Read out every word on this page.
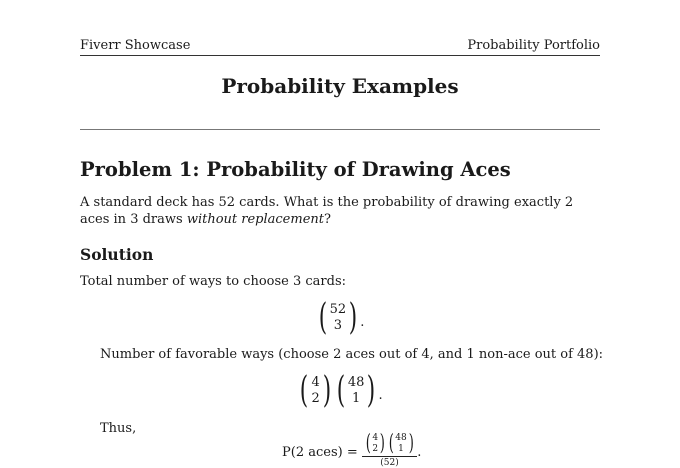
Fiverr Showcase	Probability Portfolio
Probability Examples
Problem 1: Probability of Drawing Aces
A standard deck has 52 cards. What is the probability of drawing exactly 2 aces in 3 draws without replacement?
Solution
Total number of ways to choose 3 cards:
( 52
3 ) .
Number of favorable ways (choose 2 aces out of 4, and 1 non-ace out of 48):
( 4
2 ) ( 48
1 ) .
Thus,
P(2 aces) = ( 4
2 ) ( 48
1 )
(52)
.
